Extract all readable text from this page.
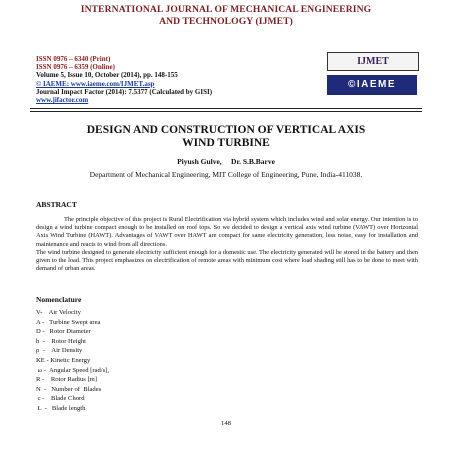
INTERNATIONAL JOURNAL OF MECHANICAL ENGINEERING
AND TECHNOLOGY (IJMET)
ISSN 0976 – 6340 (Print)
ISSN 0976 – 6359 (Online)
Volume 5, Issue 10, October (2014), pp. 148-155
© IAEME: www.iaeme.com/IJMET.asp
Journal Impact Factor (2014): 7.5377 (Calculated by GISI)
www.jifactor.com
IJMET
©IAEME
DESIGN AND CONSTRUCTION OF VERTICAL AXIS
WIND TURBINE
Piyush Gulve,     Dr. S.B.Barve
Department of Mechanical Engineering, MIT College of Engineering, Pune, India-411038.
ABSTRACT

The principle objective of this project is Rural Electrification via hybrid system which includes wind and solar energy. Our intention is to design a wind turbine compact enough to be installed on roof tops. So we decided to design a vertical axis wind turbine (VAWT) over Horizontal Axis Wind Turbine (HAWT). Advantages of VAWT over HAWT are compact for same electricity generation, less noise, easy for installation and maintenance and reacts to wind from all directions.

The wind turbine designed to generate electricity sufficient enough for a domestic use. The electricity generated will be stored in the battery and then given to the load. This project emphasizes on electrification of remote areas with minimum cost where load shading still has to be done to meet with demand of urban areas.

Nomenclature
V-    Air Velocity
A -   Turbine Swept area
D -   Rotor Diameter
h  -    Rotor Height
ρ  -    Air Density
KE - Kinetic Energy
ω -  Angular Speed [rad/s],
R -    Rotor Radius [m]
N  -   Number of  Blades
c -    Blade Chord
L  -   Blade length
148
